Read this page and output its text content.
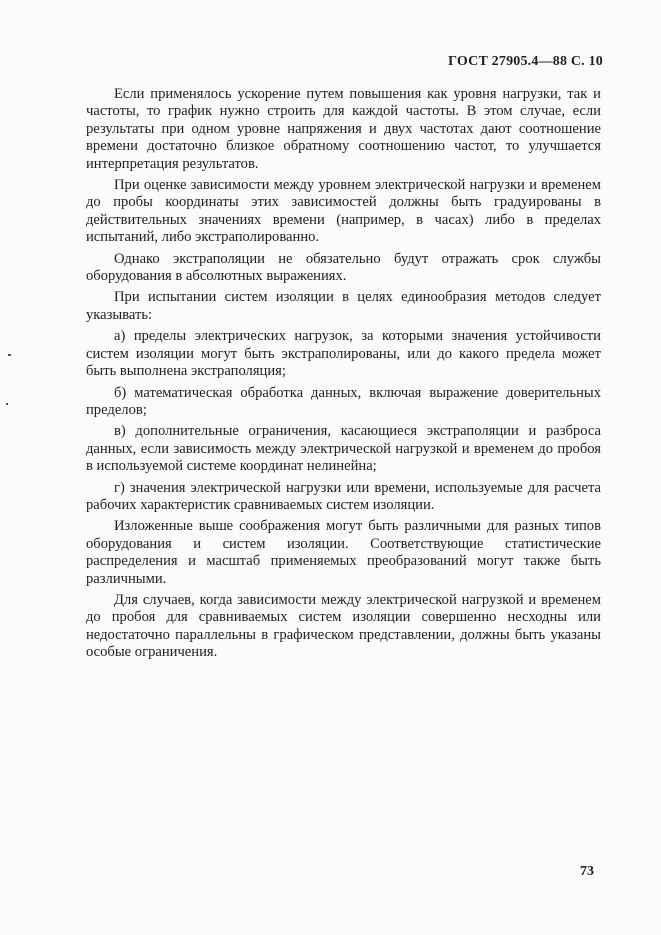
ГОСТ 27905.4—88 С. 10

Если применялось ускорение путем повышения как уровня нагрузки, так и частоты, то график нужно строить для каждой частоты. В этом случае, если результаты при одном уровне напряжения и двух частотах дают соотношение времени достаточно близкое обратному соотношению частот, то улучшается интерпретация результатов.

При оценке зависимости между уровнем электрической нагрузки и временем до пробы координаты этих зависимостей должны быть градуированы в действительных значениях времени (например, в часах) либо в пределах испытаний, либо экстраполированно.

Однако экстраполяции не обязательно будут отражать срок службы оборудования в абсолютных выражениях.

При испытании систем изоляции в целях единообразия методов следует указывать:

а) пределы электрических нагрузок, за которыми значения устойчивости систем изоляции могут быть экстраполированы, или до какого предела может быть выполнена экстраполяция;

б) математическая обработка данных, включая выражение доверительных пределов;

в) дополнительные ограничения, касающиеся экстраполяции и разброса данных, если зависимость между электрической нагрузкой и временем до пробоя в используемой системе координат нелинейна;

г) значения электрической нагрузки или времени, используемые для расчета рабочих характеристик сравниваемых систем изоляции.

Изложенные выше соображения могут быть различными для разных типов оборудования и систем изоляции. Соответствующие статистические распределения и масштаб применяемых преобразований могут также быть различными.

Для случаев, когда зависимости между электрической нагрузкой и временем до пробоя для сравниваемых систем изоляции совершенно несходны или недостаточно параллельны в графическом представлении, должны быть указаны особые ограничения.

73
